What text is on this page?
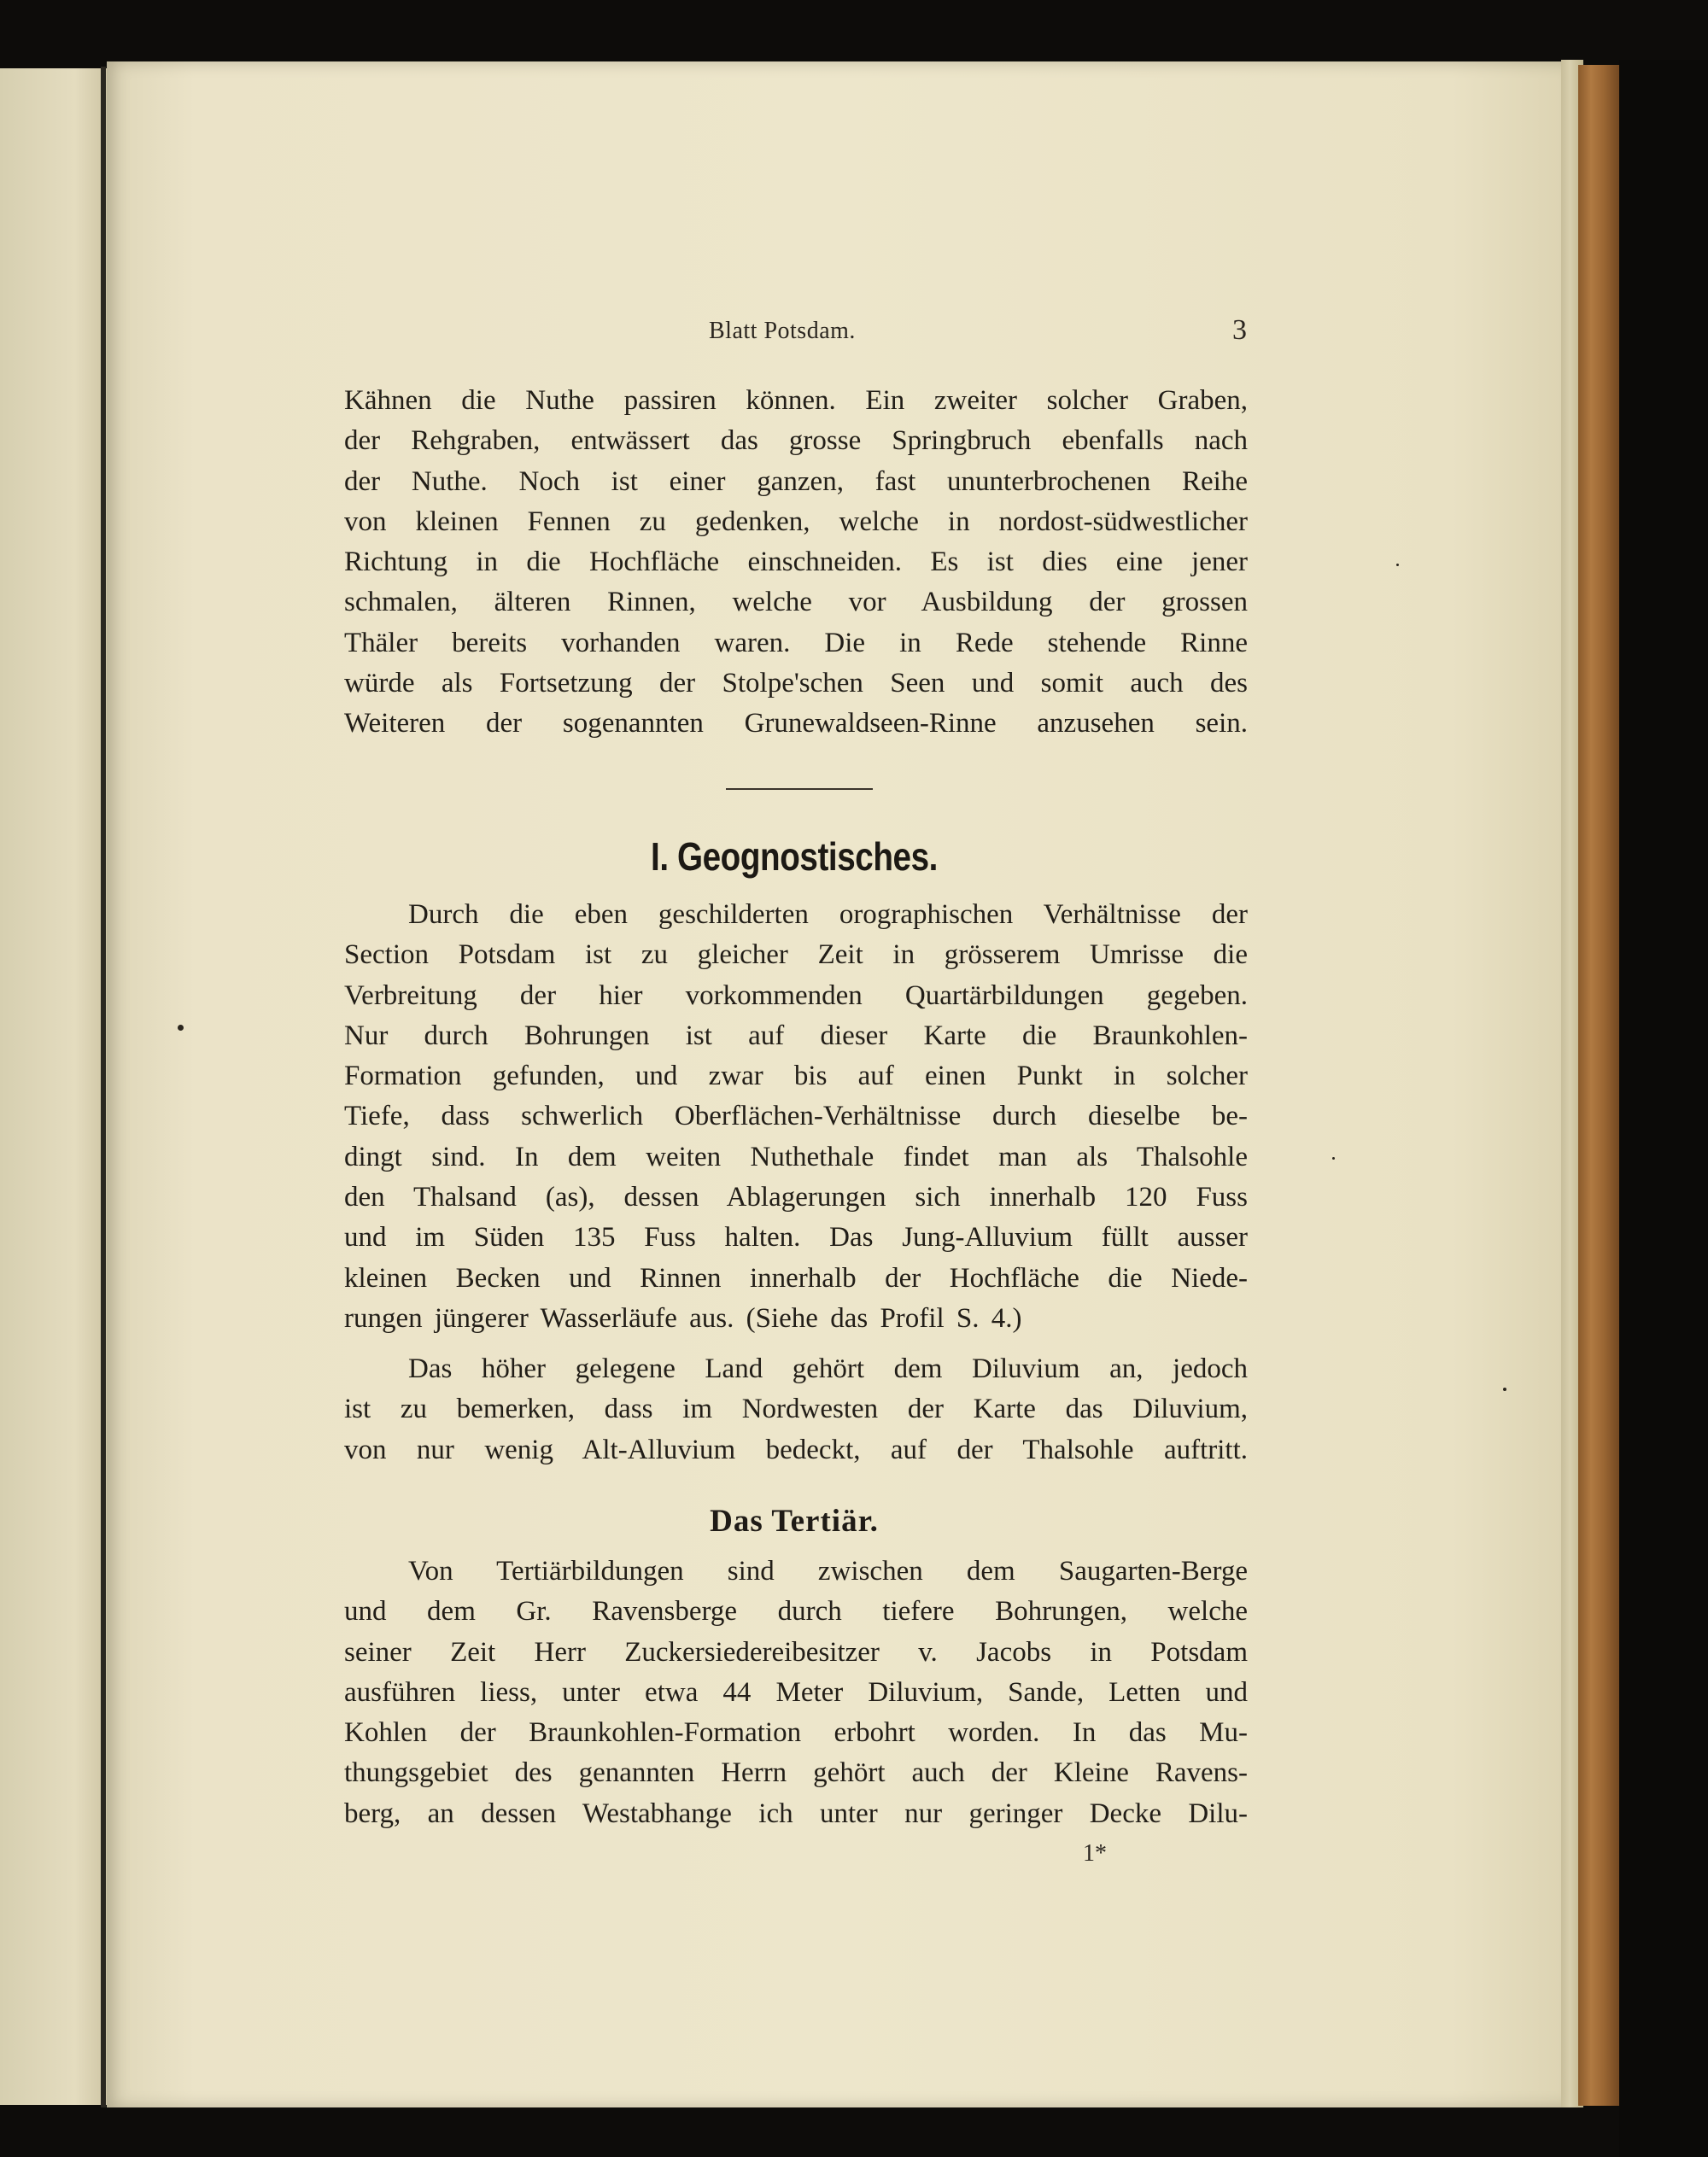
Blatt Potsdam.	3
Kähnen die Nuthe passiren können. Ein zweiter solcher Graben,
der Rehgraben, entwässert das grosse Springbruch ebenfalls nach
der Nuthe. Noch ist einer ganzen, fast ununterbrochenen Reihe
von kleinen Fennen zu gedenken, welche in nordost-südwestlicher
Richtung in die Hochfläche einschneiden. Es ist dies eine jener
schmalen, älteren Rinnen, welche vor Ausbildung der grossen
Thäler bereits vorhanden waren. Die in Rede stehende Rinne
würde als Fortsetzung der Stolpe'schen Seen und somit auch des
Weiteren der sogenannten Grunewaldseen-Rinne anzusehen sein.
I. Geognostisches.
Durch die eben geschilderten orographischen Verhältnisse der
Section Potsdam ist zu gleicher Zeit in grösserem Umrisse die
Verbreitung der hier vorkommenden Quartärbildungen gegeben.
Nur durch Bohrungen ist auf dieser Karte die Braunkohlen-
Formation gefunden, und zwar bis auf einen Punkt in solcher
Tiefe, dass schwerlich Oberflächen-Verhältnisse durch dieselbe be-
dingt sind. In dem weiten Nuthethale findet man als Thalsohle
den Thalsand (as), dessen Ablagerungen sich innerhalb 120 Fuss
und im Süden 135 Fuss halten. Das Jung-Alluvium füllt ausser
kleinen Becken und Rinnen innerhalb der Hochfläche die Niede-
rungen jüngerer Wasserläufe aus. (Siehe das Profil S. 4.)
Das höher gelegene Land gehört dem Diluvium an, jedoch
ist zu bemerken, dass im Nordwesten der Karte das Diluvium,
von nur wenig Alt-Alluvium bedeckt, auf der Thalsohle auftritt.
Das Tertiär.
Von Tertiärbildungen sind zwischen dem Saugarten-Berge
und dem Gr. Ravensberge durch tiefere Bohrungen, welche
seiner Zeit Herr Zuckersiedereibesitzer v. Jacobs in Potsdam
ausführen liess, unter etwa 44 Meter Diluvium, Sande, Letten und
Kohlen der Braunkohlen-Formation erbohrt worden. In das Mu-
thungsgebiet des genannten Herrn gehört auch der Kleine Ravens-
berg, an dessen Westabhange ich unter nur geringer Decke Dilu-
1*
